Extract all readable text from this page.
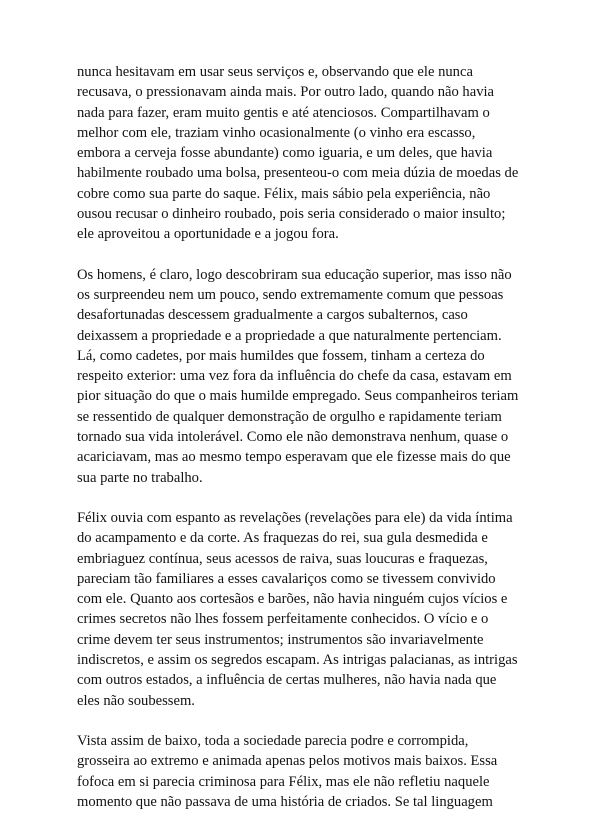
nunca hesitavam em usar seus serviços e, observando que ele nunca
recusava, o pressionavam ainda mais. Por outro lado, quando não havia
nada para fazer, eram muito gentis e até atenciosos. Compartilhavam o
melhor com ele, traziam vinho ocasionalmente (o vinho era escasso,
embora a cerveja fosse abundante) como iguaria, e um deles, que havia
habilmente roubado uma bolsa, presenteou-o com meia dúzia de moedas de
cobre como sua parte do saque. Félix, mais sábio pela experiência, não
ousou recusar o dinheiro roubado, pois seria considerado o maior insulto;
ele aproveitou a oportunidade e a jogou fora.

Os homens, é claro, logo descobriram sua educação superior, mas isso não
os surpreendeu nem um pouco, sendo extremamente comum que pessoas
desafortunadas descessem gradualmente a cargos subalternos, caso
deixassem a propriedade e a propriedade a que naturalmente pertenciam.
Lá, como cadetes, por mais humildes que fossem, tinham a certeza do
respeito exterior: uma vez fora da influência do chefe da casa, estavam em
pior situação do que o mais humilde empregado. Seus companheiros teriam
se ressentido de qualquer demonstração de orgulho e rapidamente teriam
tornado sua vida intolerável. Como ele não demonstrava nenhum, quase o
acariciavam, mas ao mesmo tempo esperavam que ele fizesse mais do que
sua parte no trabalho.

Félix ouvia com espanto as revelações (revelações para ele) da vida íntima
do acampamento e da corte. As fraquezas do rei, sua gula desmedida e
embriaguez contínua, seus acessos de raiva, suas loucuras e fraquezas,
pareciam tão familiares a esses cavalariços como se tivessem convivido
com ele. Quanto aos cortesãos e barões, não havia ninguém cujos vícios e
crimes secretos não lhes fossem perfeitamente conhecidos. O vício e o
crime devem ter seus instrumentos; instrumentos são invariavelmente
indiscretos, e assim os segredos escapam. As intrigas palacianas, as intrigas
com outros estados, a influência de certas mulheres, não havia nada que
eles não soubessem.

Vista assim de baixo, toda a sociedade parecia podre e corrompida,
grosseira ao extremo e animada apenas pelos motivos mais baixos. Essa
fofoca em si parecia criminosa para Félix, mas ele não refletiu naquele
momento que não passava de uma história de criados. Se tal linguagem
